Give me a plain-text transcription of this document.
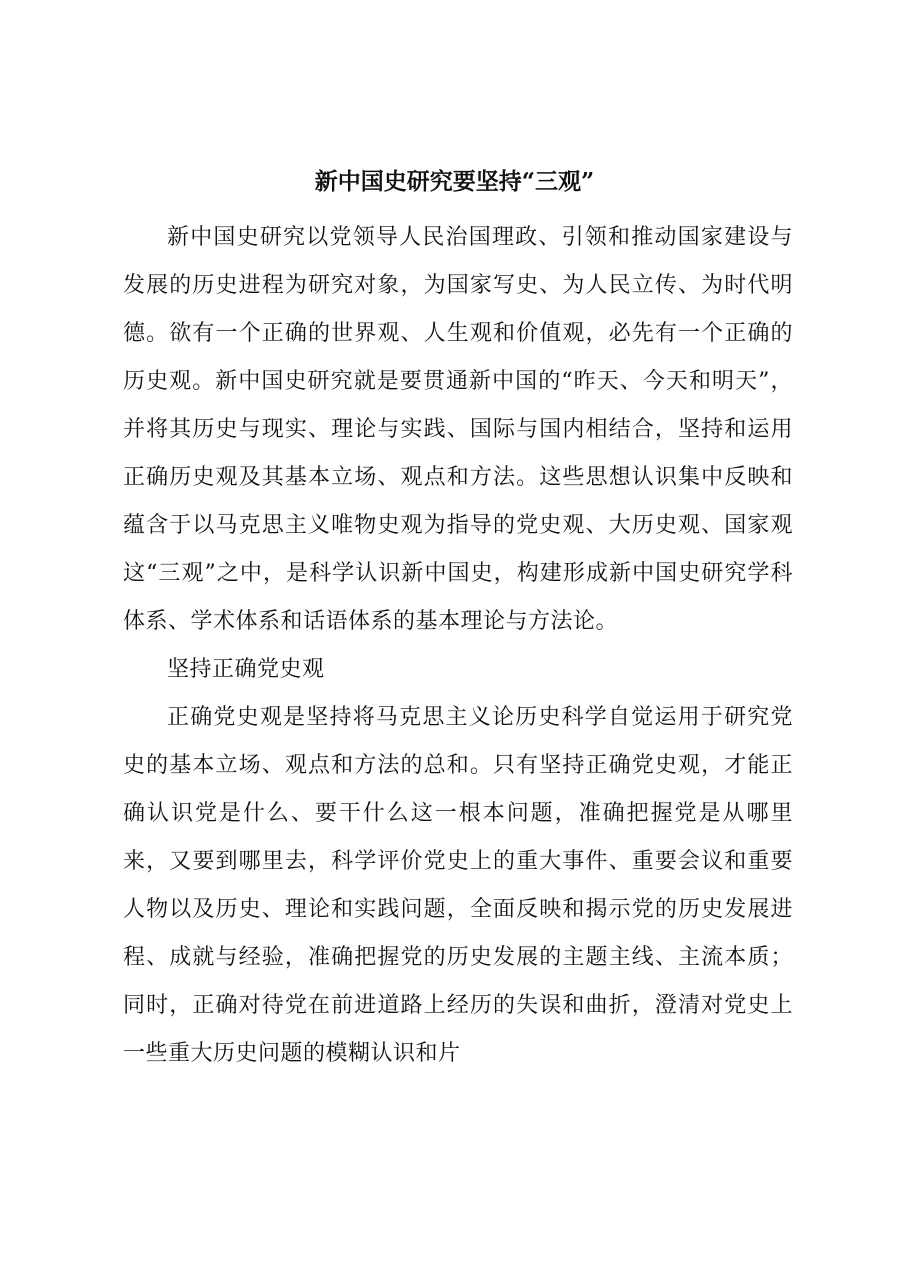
新中国史研究要坚持“三观”

新中国史研究以党领导人民治国理政、引领和推动国家建设与发展的历史进程为研究对象，为国家写史、为人民立传、为时代明德。欲有一个正确的世界观、人生观和价值观，必先有一个正确的历史观。新中国史研究就是要贯通新中国的“昨天、今天和明天”，并将其历史与现实、理论与实践、国际与国内相结合，坚持和运用正确历史观及其基本立场、观点和方法。这些思想认识集中反映和蕴含于以马克思主义唯物史观为指导的党史观、大历史观、国家观这“三观”之中，是科学认识新中国史，构建形成新中国史研究学科体系、学术体系和话语体系的基本理论与方法论。

坚持正确党史观

正确党史观是坚持将马克思主义论历史科学自觉运用于研究党史的基本立场、观点和方法的总和。只有坚持正确党史观，才能正确认识党是什么、要干什么这一根本问题，准确把握党是从哪里来，又要到哪里去，科学评价党史上的重大事件、重要会议和重要人物以及历史、理论和实践问题，全面反映和揭示党的历史发展进程、成就与经验，准确把握党的历史发展的主题主线、主流本质；同时，正确对待党在前进道路上经历的失误和曲折，澄清对党史上一些重大历史问题的模糊认识和片
